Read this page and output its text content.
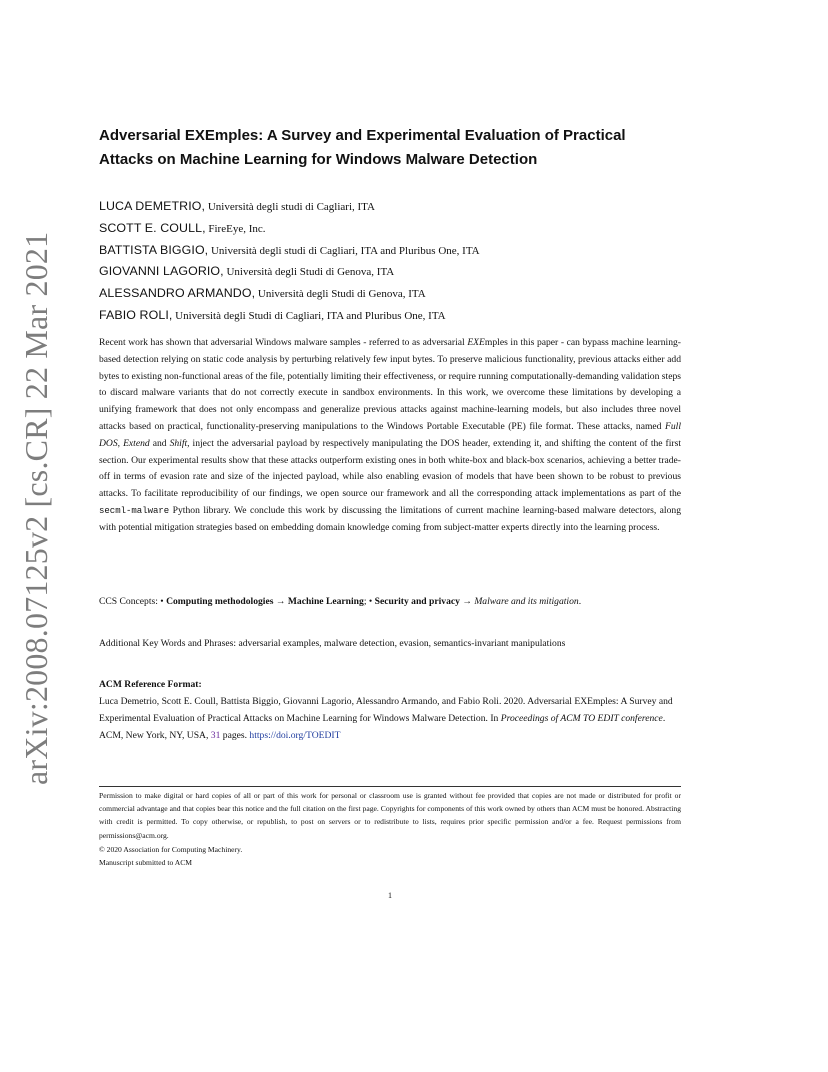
arXiv:2008.07125v2 [cs.CR] 22 Mar 2021
Adversarial EXEmples: A Survey and Experimental Evaluation of Practical
Attacks on Machine Learning for Windows Malware Detection
LUCA DEMETRIO, Università degli studi di Cagliari, ITA
SCOTT E. COULL, FireEye, Inc.
BATTISTA BIGGIO, Università degli studi di Cagliari, ITA and Pluribus One, ITA
GIOVANNI LAGORIO, Università degli Studi di Genova, ITA
ALESSANDRO ARMANDO, Università degli Studi di Genova, ITA
FABIO ROLI, Università degli Studi di Cagliari, ITA and Pluribus One, ITA

Recent work has shown that adversarial Windows malware samples - referred to as adversarial EXEmples in this paper - can bypass machine learning-based detection relying on static code analysis by perturbing relatively few input bytes. To preserve malicious functionality, previous attacks either add bytes to existing non-functional areas of the file, potentially limiting their effectiveness, or require running computationally-demanding validation steps to discard malware variants that do not correctly execute in sandbox environments. In this work, we overcome these limitations by developing a unifying framework that does not only encompass and generalize previous attacks against machine-learning models, but also includes three novel attacks based on practical, functionality-preserving manipulations to the Windows Portable Executable (PE) file format. These attacks, named Full DOS, Extend and Shift, inject the adversarial payload by respectively manipulating the DOS header, extending it, and shifting the content of the first section. Our experimental results show that these attacks outperform existing ones in both white-box and black-box scenarios, achieving a better trade-off in terms of evasion rate and size of the injected payload, while also enabling evasion of models that have been shown to be robust to previous attacks. To facilitate reproducibility of our findings, we open source our framework and all the corresponding attack implementations as part of the secml-malware Python library. We conclude this work by discussing the limitations of current machine learning-based malware detectors, along with potential mitigation strategies based on embedding domain knowledge coming from subject-matter experts directly into the learning process.

CCS Concepts: • Computing methodologies → Machine Learning; • Security and privacy → Malware and its mitigation.
Additional Key Words and Phrases: adversarial examples, malware detection, evasion, semantics-invariant manipulations
ACM Reference Format:

Luca Demetrio, Scott E. Coull, Battista Biggio, Giovanni Lagorio, Alessandro Armando, and Fabio Roli. 2020. Adversarial EXEmples: A Survey and Experimental Evaluation of Practical Attacks on Machine Learning for Windows Malware Detection. In Proceedings of ACM TO EDIT conference. ACM, New York, NY, USA, 31 pages. https://doi.org/TOEDIT

Permission to make digital or hard copies of all or part of this work for personal or classroom use is granted without fee provided that copies are not made or distributed for profit or commercial advantage and that copies bear this notice and the full citation on the first page. Copyrights for components of this work owned by others than ACM must be honored. Abstracting with credit is permitted. To copy otherwise, or republish, to post on servers or to redistribute to lists, requires prior specific permission and/or a fee. Request permissions from permissions@acm.org.

© 2020 Association for Computing Machinery.
Manuscript submitted to ACM
1
